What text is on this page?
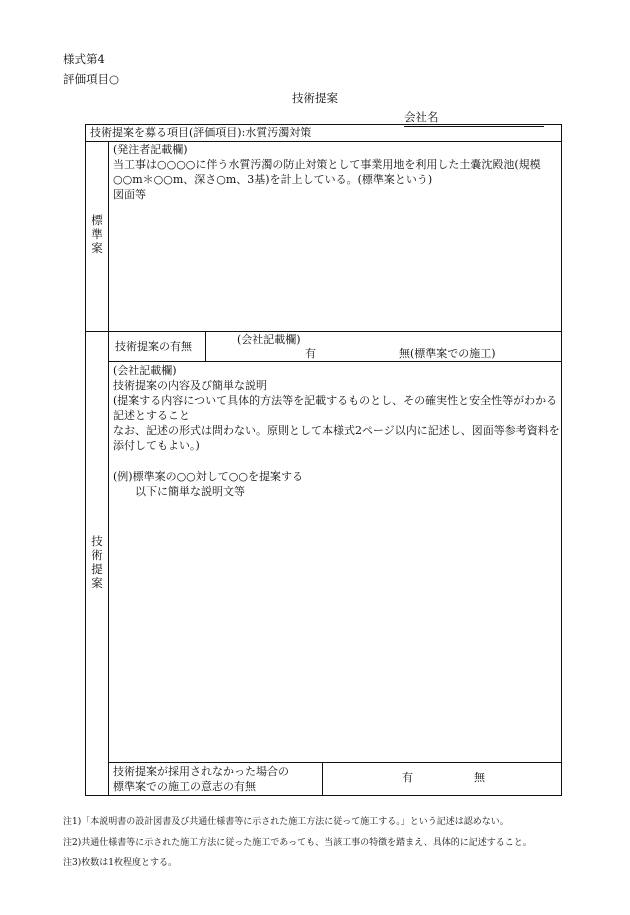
様式第4
評価項目○
技術提案
会社名
技術提案を募る項目(評価項目):水質汚濁対策
標
準
案
(発注者記載欄)
当工事は○○○○に伴う水質汚濁の防止対策として事業用地を利用した土嚢沈殿池(規模
○○m＊○○m、深さ○m、3基)を計上している。(標準案という)
図面等
技
術
提
案
技術提案の有無
(会社記載欄)
有	無(標準案での施工)
(会社記載欄)
技術提案の内容及び簡単な説明
(提案する内容について具体的方法等を記載するものとし、その確実性と安全性等がわかる
記述とすること
なお、記述の形式は問わない。原則として本様式2ページ以内に記述し、図面等参考資料を
添付してもよい。)
(例)標準案の○○対して○○を提案する
　　以下に簡単な説明文等
技術提案が採用されなかった場合の
標準案での施工の意志の有無
有	無
注1)「本説明書の設計図書及び共通仕様書等に示された施工方法に従って施工する。」という記述は認めない。
注2)共通仕様書等に示された施工方法に従った施工であっても、当該工事の特徴を踏まえ、具体的に記述すること。
注3)枚数は1枚程度とする。
